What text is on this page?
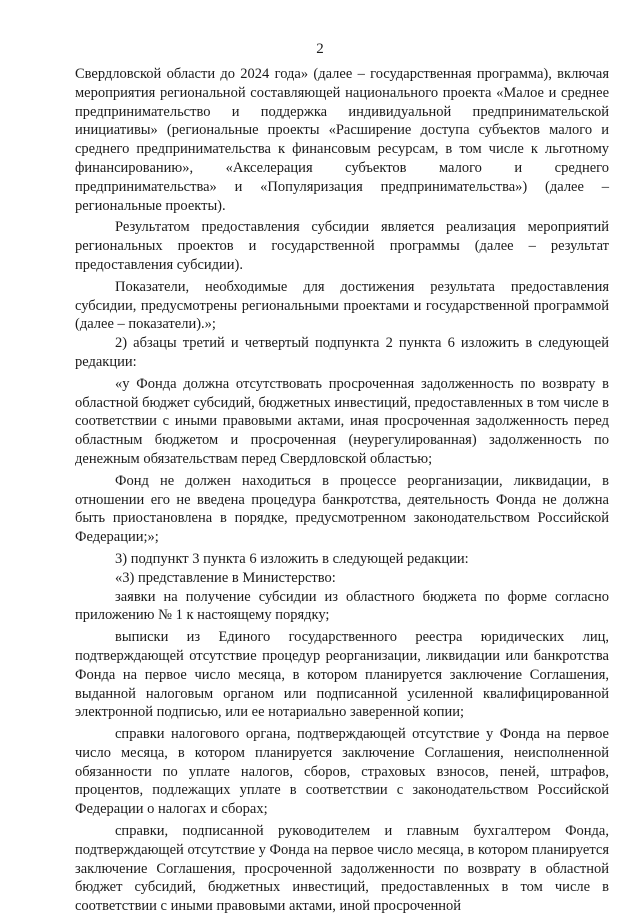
2

Свердловской области до 2024 года» (далее – государственная программа), включая мероприятия региональной составляющей национального проекта «Малое и среднее предпринимательство и поддержка индивидуальной предпринимательской инициативы» (региональные проекты «Расширение доступа субъектов малого и среднего предпринимательства к финансовым ресурсам, в том числе к льготному финансированию», «Акселерация субъектов малого и среднего предпринимательства» и «Популяризация предпринимательства») (далее – региональные проекты).

Результатом предоставления субсидии является реализация мероприятий региональных проектов и государственной программы (далее – результат предоставления субсидии).

Показатели, необходимые для достижения результата предоставления субсидии, предусмотрены региональными проектами и государственной программой (далее – показатели).»;

2) абзацы третий и четвертый подпункта 2 пункта 6 изложить в следующей редакции:

«у Фонда должна отсутствовать просроченная задолженность по возврату в областной бюджет субсидий, бюджетных инвестиций, предоставленных в том числе в соответствии с иными правовыми актами, иная просроченная задолженность перед областным бюджетом и просроченная (неурегулированная) задолженность по денежным обязательствам перед Свердловской областью;

Фонд не должен находиться в процессе реорганизации, ликвидации, в отношении его не введена процедура банкротства, деятельность Фонда не должна быть приостановлена в порядке, предусмотренном законодательством Российской Федерации;»;

3) подпункт 3 пункта 6 изложить в следующей редакции:

«3) представление в Министерство:

заявки на получение субсидии из областного бюджета по форме согласно приложению № 1 к настоящему порядку;

выписки из Единого государственного реестра юридических лиц, подтверждающей отсутствие процедур реорганизации, ликвидации или банкротства Фонда на первое число месяца, в котором планируется заключение Соглашения, выданной налоговым органом или подписанной усиленной квалифицированной электронной подписью, или ее нотариально заверенной копии;

справки налогового органа, подтверждающей отсутствие у Фонда на первое число месяца, в котором планируется заключение Соглашения, неисполненной обязанности по уплате налогов, сборов, страховых взносов, пеней, штрафов, процентов, подлежащих уплате в соответствии с законодательством Российской Федерации о налогах и сборах;

справки, подписанной руководителем и главным бухгалтером Фонда, подтверждающей отсутствие у Фонда на первое число месяца, в котором планируется заключение Соглашения, просроченной задолженности по возврату в областной бюджет субсидий, бюджетных инвестиций, предоставленных в том числе в соответствии с иными правовыми актами, иной просроченной
